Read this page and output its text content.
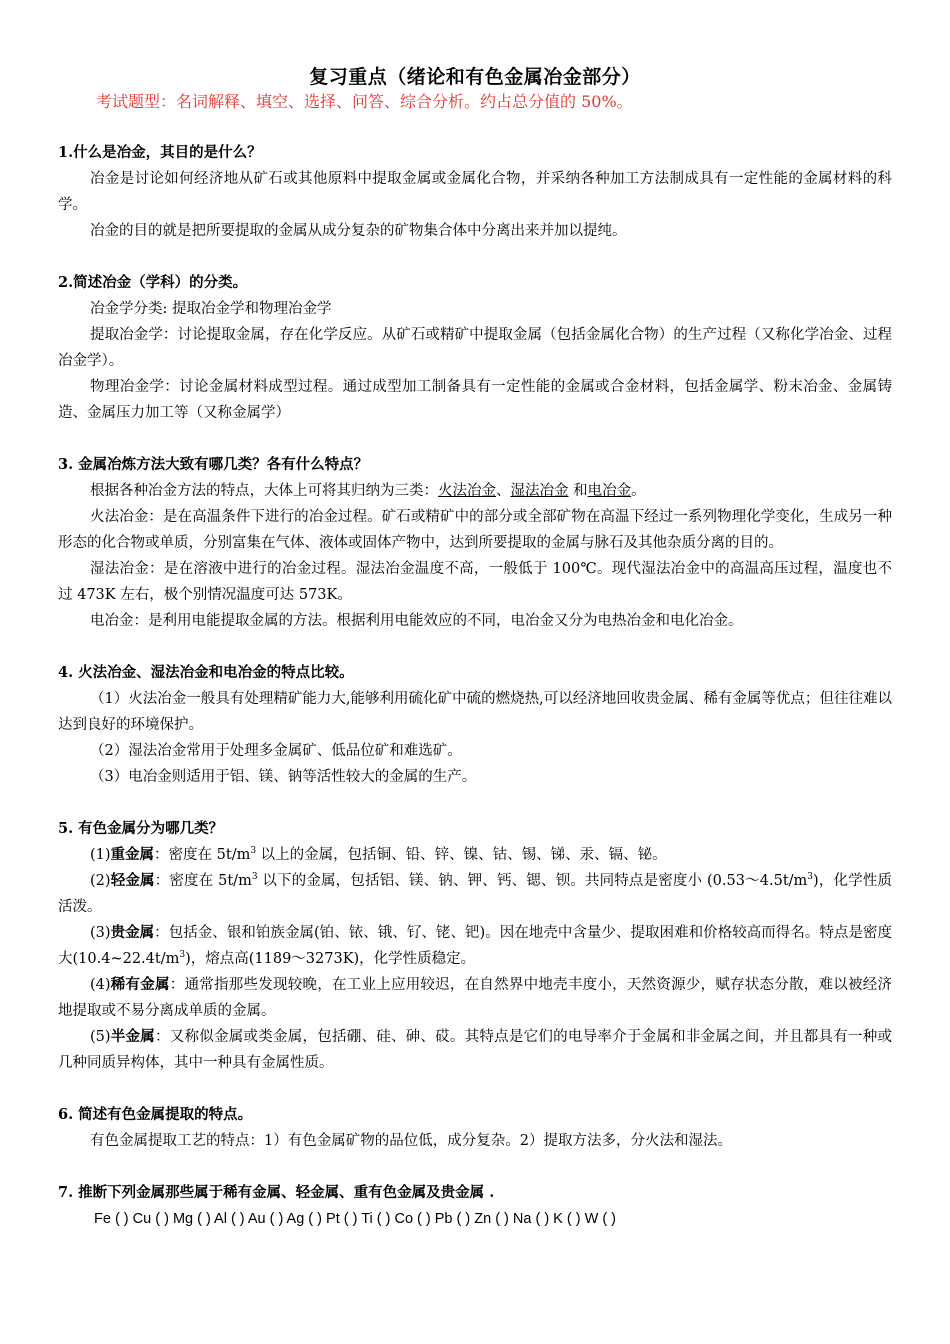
复习重点（绪论和有色金属冶金部分）
考试题型：名词解释、填空、选择、问答、综合分析。约占总分值的 50%。

1.什么是冶金，其目的是什么？

冶金是讨论如何经济地从矿石或其他原料中提取金属或金属化合物，并采纳各种加工方法制成具有一定性能的金属材料的科学。

冶金的目的就是把所要提取的金属从成分复杂的矿物集合体中分离出来并加以提纯。

2.简述冶金（学科）的分类。

冶金学分类: 提取冶金学和物理冶金学

提取冶金学：讨论提取金属，存在化学反应。从矿石或精矿中提取金属（包括金属化合物）的生产过程（又称化学冶金、过程冶金学）。

物理冶金学：讨论金属材料成型过程。通过成型加工制备具有一定性能的金属或合金材料，包括金属学、粉末冶金、金属铸造、金属压力加工等（又称金属学）

3. 金属冶炼方法大致有哪几类？各有什么特点？

根据各种冶金方法的特点，大体上可将其归纳为三类：火法冶金、湿法冶金 和电冶金。

火法冶金：是在高温条件下进行的冶金过程。矿石或精矿中的部分或全部矿物在高温下经过一系列物理化学变化，生成另一种形态的化合物或单质，分别富集在气体、液体或固体产物中，达到所要提取的金属与脉石及其他杂质分离的目的。

湿法冶金：是在溶液中进行的冶金过程。湿法冶金温度不高，一般低于 100℃。现代湿法冶金中的高温高压过程，温度也不过 473K 左右，极个别情况温度可达 573K。

电冶金：是利用电能提取金属的方法。根据利用电能效应的不同，电冶金又分为电热冶金和电化冶金。

4. 火法冶金、湿法冶金和电冶金的特点比较。

（1）火法冶金一般具有处理精矿能力大,能够利用硫化矿中硫的燃烧热,可以经济地回收贵金属、稀有金属等优点；但往往难以达到良好的环境保护。

（2）湿法冶金常用于处理多金属矿、低品位矿和难选矿。

（3）电冶金则适用于铝、镁、钠等活性较大的金属的生产。

5. 有色金属分为哪几类？

(1)重金属：密度在 $5t/m^3$ 以上的金属，包括铜、铅、锌、镍、钴、锡、锑、汞、镉、铋。

(2)轻金属：密度在 $5t/m^3$ 以下的金属，包括铝、镁、钠、钾、钙、锶、钡。共同特点是密度小 $(0.53\sim 4.5t/m^3)$，化学性质活泼。

(3)贵金属：包括金、银和铂族金属(铂、铱、锇、钌、铑、钯)。因在地壳中含量少、提取困难和价格较高而得名。特点是密度大$(10.4\sim 22.4t/m^3)$，熔点高(1189～3273K)，化学性质稳定。

(4)稀有金属：通常指那些发现较晚，在工业上应用较迟，在自然界中地壳丰度小，天然资源少，赋存状态分散，难以被经济地提取或不易分离成单质的金属。

(5)半金属：又称似金属或类金属，包括硼、硅、砷、砹。其特点是它们的电导率介于金属和非金属之间，并且都具有一种或几种同质异构体，其中一种具有金属性质。

6. 简述有色金属提取的特点。

有色金属提取工艺的特点：1）有色金属矿物的品位低，成分复杂。2）提取方法多，分火法和湿法。

7. 推断下列金属那些属于稀有金属、轻金属、重有色金属及贵金属 .

Fe ( ) Cu ( ) Mg ( ) Al ( ) Au ( ) Ag ( ) Pt ( ) Ti ( ) Co ( ) Pb ( ) Zn ( ) Na ( ) K ( ) W ( )
